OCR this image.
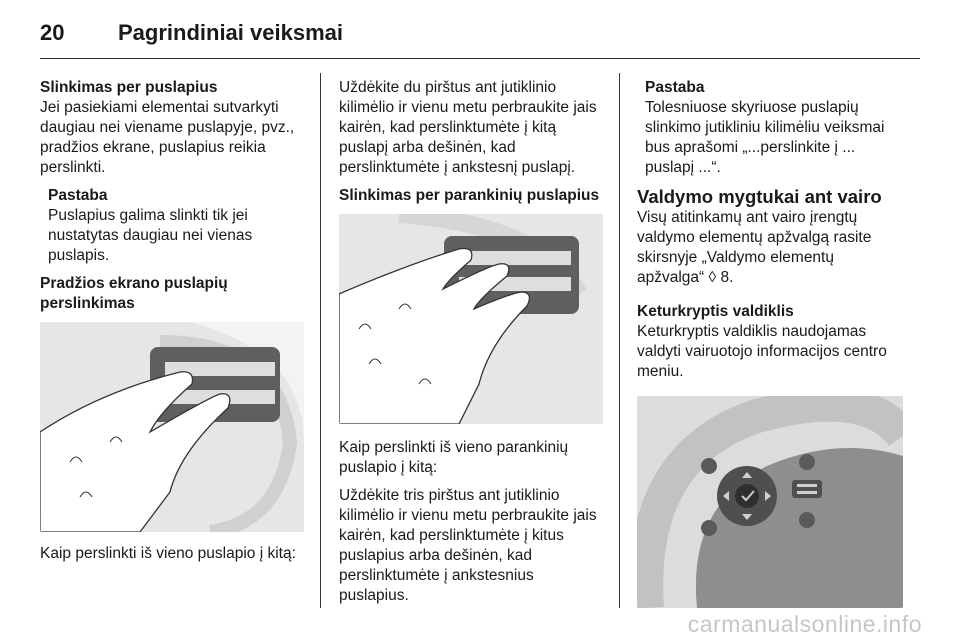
20 Pagrindiniai veiksmai
Slinkimas per puslapius
Jei pasiekiami elementai sutvarkyti
daugiau nei viename puslapyje, pvz.,
pradžios ekrane, puslapius reikia
perslinkti.
Pastaba
Puslapius galima slinkti tik jei
nustatytas daugiau nei vienas
puslapis.
Pradžios ekrano puslapių
perslinkimas
Kaip perslinkti iš vieno puslapio į kitą:
Uždėkite du pirštus ant jutiklinio
kilimėlio ir vienu metu perbraukite jais
kairėn, kad perslinktumėte į kitą
puslapį arba dešinėn, kad
perslinktumėte į ankstesnį puslapį.
Slinkimas per parankinių puslapius
Kaip perslinkti iš vieno parankinių
puslapio į kitą:
Uždėkite tris pirštus ant jutiklinio
kilimėlio ir vienu metu perbraukite jais
kairėn, kad perslinktumėte į kitus
puslapius arba dešinėn, kad
perslinktumėte į ankstesnius
puslapius.
Pastaba
Tolesniuose skyriuose puslapių
slinkimo jutikliniu kilimėliu veiksmai
bus aprašomi „...perslinkite į ...
puslapį ...“.
Valdymo mygtukai ant vairo
Visų atitinkamų ant vairo įrengtų
valdymo elementų apžvalgą rasite
skirsnyje „Valdymo elementų
apžvalga“ ◊ 8.
Keturkryptis valdiklis
Keturkryptis valdiklis naudojamas
valdyti vairuotojo informacijos centro
meniu.
carmanualsonline.info
